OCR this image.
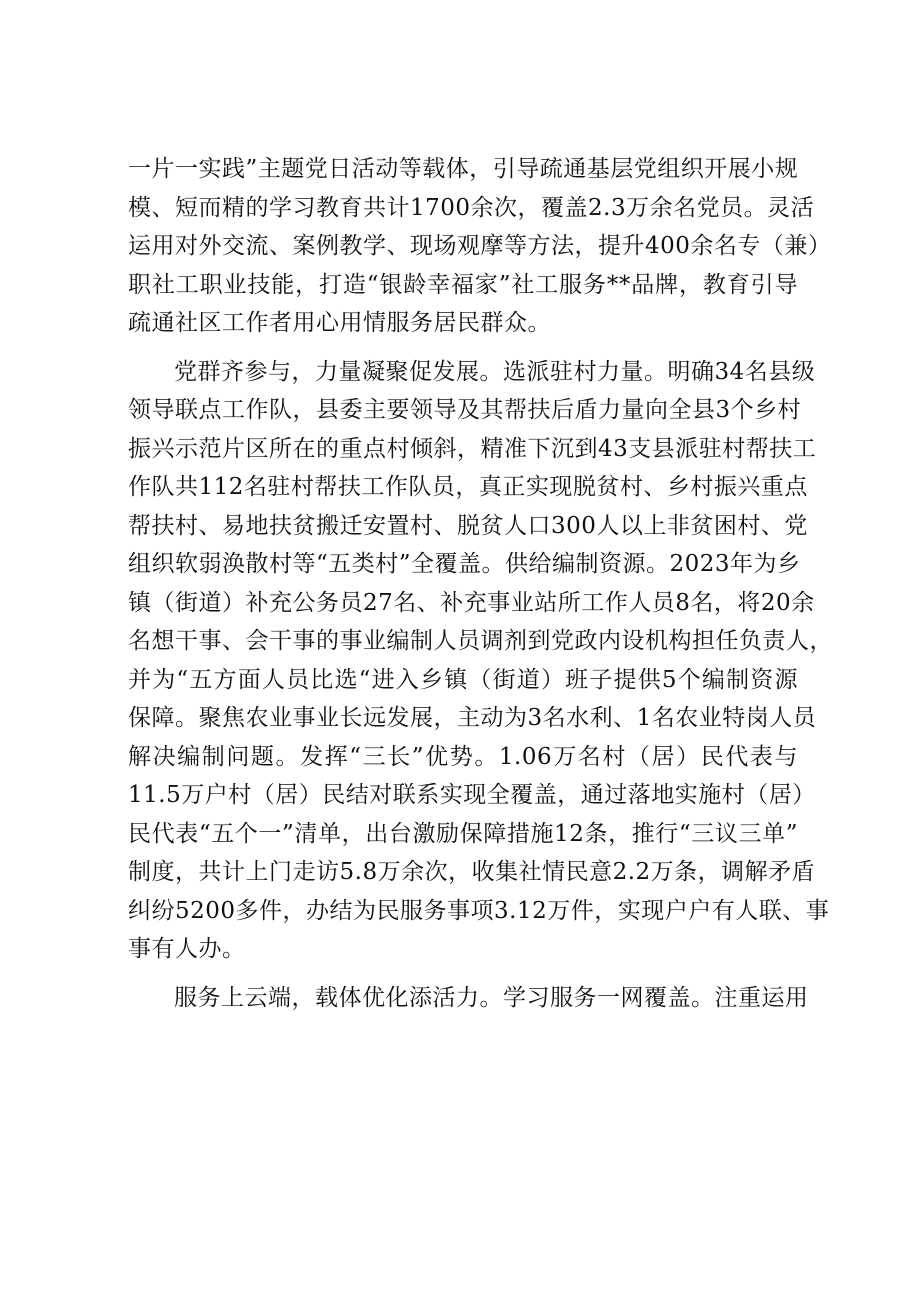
一片一实践”主题党日活动等载体，引导疏通基层党组织开展小规
模、短而精的学习教育共计1700余次，覆盖2.3万余名党员。灵活
运用对外交流、案例教学、现场观摩等方法，提升400余名专（兼）
职社工职业技能，打造“银龄幸福家”社工服务**品牌，教育引导
疏通社区工作者用心用情服务居民群众。
党群齐参与，力量凝聚促发展。选派驻村力量。明确34名县级
领导联点工作队，县委主要领导及其帮扶后盾力量向全县3个乡村
振兴示范片区所在的重点村倾斜，精准下沉到43支县派驻村帮扶工
作队共112名驻村帮扶工作队员，真正实现脱贫村、乡村振兴重点
帮扶村、易地扶贫搬迁安置村、脱贫人口300人以上非贫困村、党
组织软弱涣散村等“五类村”全覆盖。供给编制资源。2023年为乡
镇（街道）补充公务员27名、补充事业站所工作人员8名，将20余
名想干事、会干事的事业编制人员调剂到党政内设机构担任负责人，
并为“五方面人员比选“进入乡镇（街道）班子提供5个编制资源
保障。聚焦农业事业长远发展，主动为3名水利、1名农业特岗人员
解决编制问题。发挥“三长”优势。1.06万名村（居）民代表与
11.5万户村（居）民结对联系实现全覆盖，通过落地实施村（居）
民代表“五个一”清单，出台激励保障措施12条，推行“三议三单”
制度，共计上门走访5.8万余次，收集社情民意2.2万条，调解矛盾
纠纷5200多件，办结为民服务事项3.12万件，实现户户有人联、事
事有人办。
服务上云端，载体优化添活力。学习服务一网覆盖。注重运用
